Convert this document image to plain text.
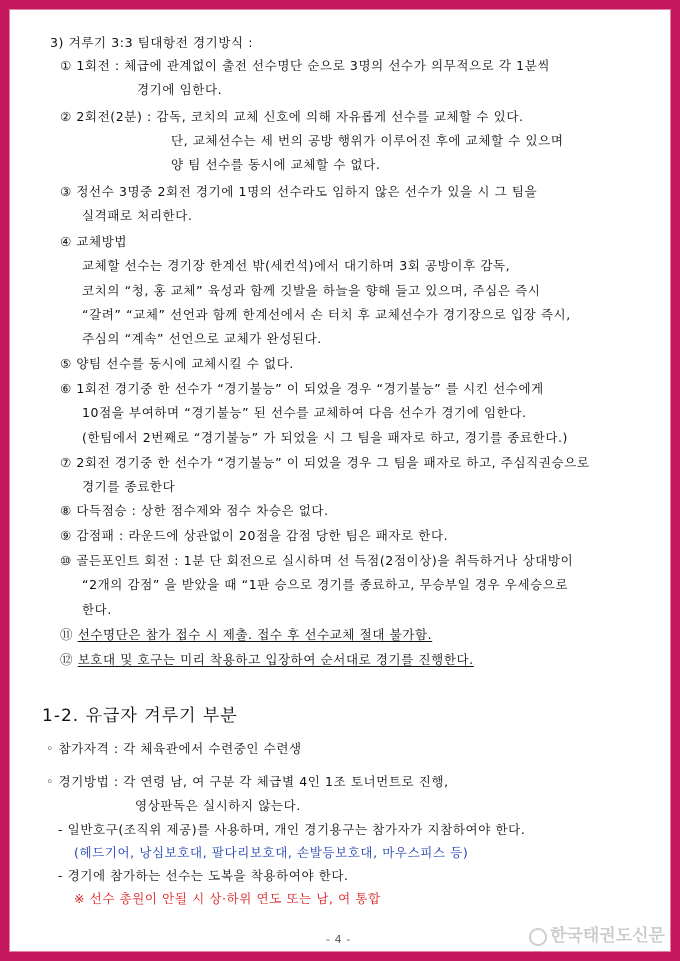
3) 겨루기 3:3 팀대항전 경기방식 :
① 1회전 : 체급에 관계없이 출전 선수명단 순으로 3명의 선수가 의무적으로 각 1분씩
경기에 임한다.
② 2회전(2분) : 감독, 코치의 교체 신호에 의해 자유롭게 선수를 교체할 수 있다.
단, 교체선수는 세 번의 공방 행위가 이루어진 후에 교체할 수 있으며
양 팀 선수를 동시에 교체할 수 없다.
③ 정선수 3명중 2회전 경기에 1명의 선수라도 임하지 않은 선수가 있을 시 그 팀을
실격패로 처리한다.
④ 교체방법
교체할 선수는 경기장 한계선 밖(세컨석)에서 대기하며 3회 공방이후 감독,
코치의 “청, 홍 교체” 육성과 함께 깃발을 하늘을 향해 들고 있으며, 주심은 즉시
“갈려” “교체” 선언과 함께 한계선에서 손 터치 후 교체선수가 경기장으로 입장 즉시,
주심의 “계속” 선언으로 교체가 완성된다.
⑤ 양팀 선수를 동시에 교체시킬 수 없다.
⑥ 1회전 경기중 한 선수가 “경기불능” 이 되었을 경우 “경기불능” 를 시킨 선수에게
10점을 부여하며 “경기불능” 된 선수를 교체하여 다음 선수가 경기에 임한다.
(한팀에서 2번째로 “경기불능” 가 되었을 시 그 팀을 패자로 하고, 경기를 종료한다.)
⑦ 2회전 경기중 한 선수가 “경기불능” 이 되었을 경우 그 팀을 패자로 하고, 주심직권승으로
경기를 종료한다
⑧ 다득점승 : 상한 점수제와 점수 차승은 없다.
⑨ 감점패 : 라운드에 상관없이 20점을 감점 당한 팀은 패자로 한다.
⑩ 골든포인트 회전 : 1분 단 회전으로 실시하며 선 득점(2점이상)을 취득하거나 상대방이
“2개의 감점” 을 받았을 때 “1판 승으로 경기를 종료하고, 무승부일 경우 우세승으로
한다.
⑪ 선수명단은 참가 접수 시 제출. 접수 후 선수교체 절대 불가함.
⑫ 보호대 및 호구는 미리 착용하고 입장하여 순서대로 경기를 진행한다.
1-2. 유급자 겨루기 부분
◦ 참가자격 : 각 체육관에서 수련중인 수련생
◦ 경기방법 : 각 연령 남, 여 구분 각 체급별 4인 1조 토너먼트로 진행,
영상판독은 실시하지 않는다.
- 일반호구(조직위 제공)를 사용하며, 개인 경기용구는 참가자가 지참하여야 한다.
(헤드기어, 낭심보호대, 팔다리보호대, 손발등보호대, 마우스피스 등)
- 경기에 참가하는 선수는 도복을 착용하여야 한다.
※ 선수 총원이 안될 시 상·하위 연도 또는 남, 여 통합
- 4 -	한국태권도신문
